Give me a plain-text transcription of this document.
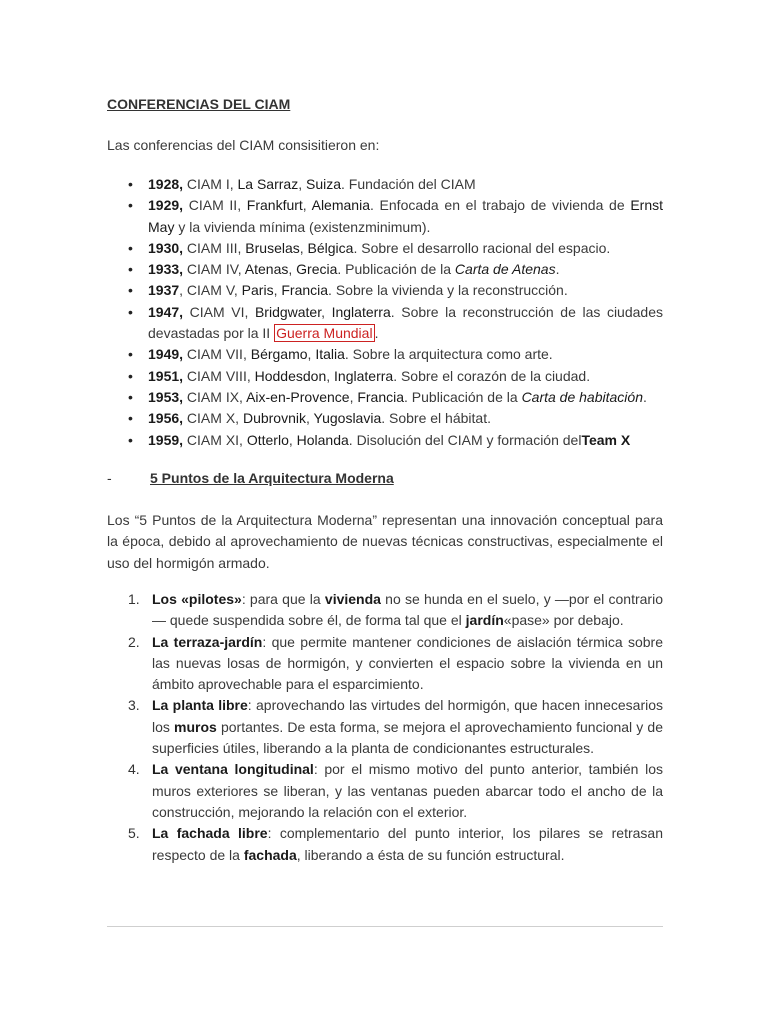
CONFERENCIAS DEL CIAM
Las conferencias del CIAM consisitieron en:
• 1928, CIAM I, La Sarraz, Suiza. Fundación del CIAM
• 1929, CIAM II, Frankfurt, Alemania. Enfocada en el trabajo de vivienda de Ernst May y la vivienda mínima (existenzminimum).
• 1930, CIAM III, Bruselas, Bélgica. Sobre el desarrollo racional del espacio.
• 1933, CIAM IV, Atenas, Grecia. Publicación de la Carta de Atenas.
• 1937, CIAM V, Paris, Francia. Sobre la vivienda y la reconstrucción.
• 1947, CIAM VI, Bridgwater, Inglaterra. Sobre la reconstrucción de las ciudades devastadas por la II Guerra Mundial .
• 1949, CIAM VII, Bérgamo, Italia. Sobre la arquitectura como arte.
• 1951, CIAM VIII, Hoddesdon, Inglaterra. Sobre el corazón de la ciudad.
• 1953, CIAM IX, Aix-en-Provence, Francia. Publicación de la Carta de habitación.
• 1956, CIAM X, Dubrovnik, Yugoslavia. Sobre el hábitat.
• 1959, CIAM XI, Otterlo, Holanda. Disolución del CIAM y formación delTeam X
-	5 Puntos de la Arquitectura Moderna
Los “5 Puntos de la Arquitectura Moderna” representan una innovación conceptual para la época, debido al aprovechamiento de nuevas técnicas constructivas, especialmente el uso del hormigón armado.
1. Los «pilotes»: para que la vivienda no se hunda en el suelo, y —por el contrario— quede suspendida sobre él, de forma tal que el jardín«pase» por debajo.
2. La terraza-jardín: que permite mantener condiciones de aislación térmica sobre las nuevas losas de hormigón, y convierten el espacio sobre la vivienda en un ámbito aprovechable para el esparcimiento.
3. La planta libre: aprovechando las virtudes del hormigón, que hacen innecesarios los muros portantes. De esta forma, se mejora el aprovechamiento funcional y de superficies útiles, liberando a la planta de condicionantes estructurales.
4. La ventana longitudinal: por el mismo motivo del punto anterior, también los muros exteriores se liberan, y las ventanas pueden abarcar todo el ancho de la construcción, mejorando la relación con el exterior.
5. La fachada libre: complementario del punto interior, los pilares se retrasan respecto de la fachada, liberando a ésta de su función estructural.
